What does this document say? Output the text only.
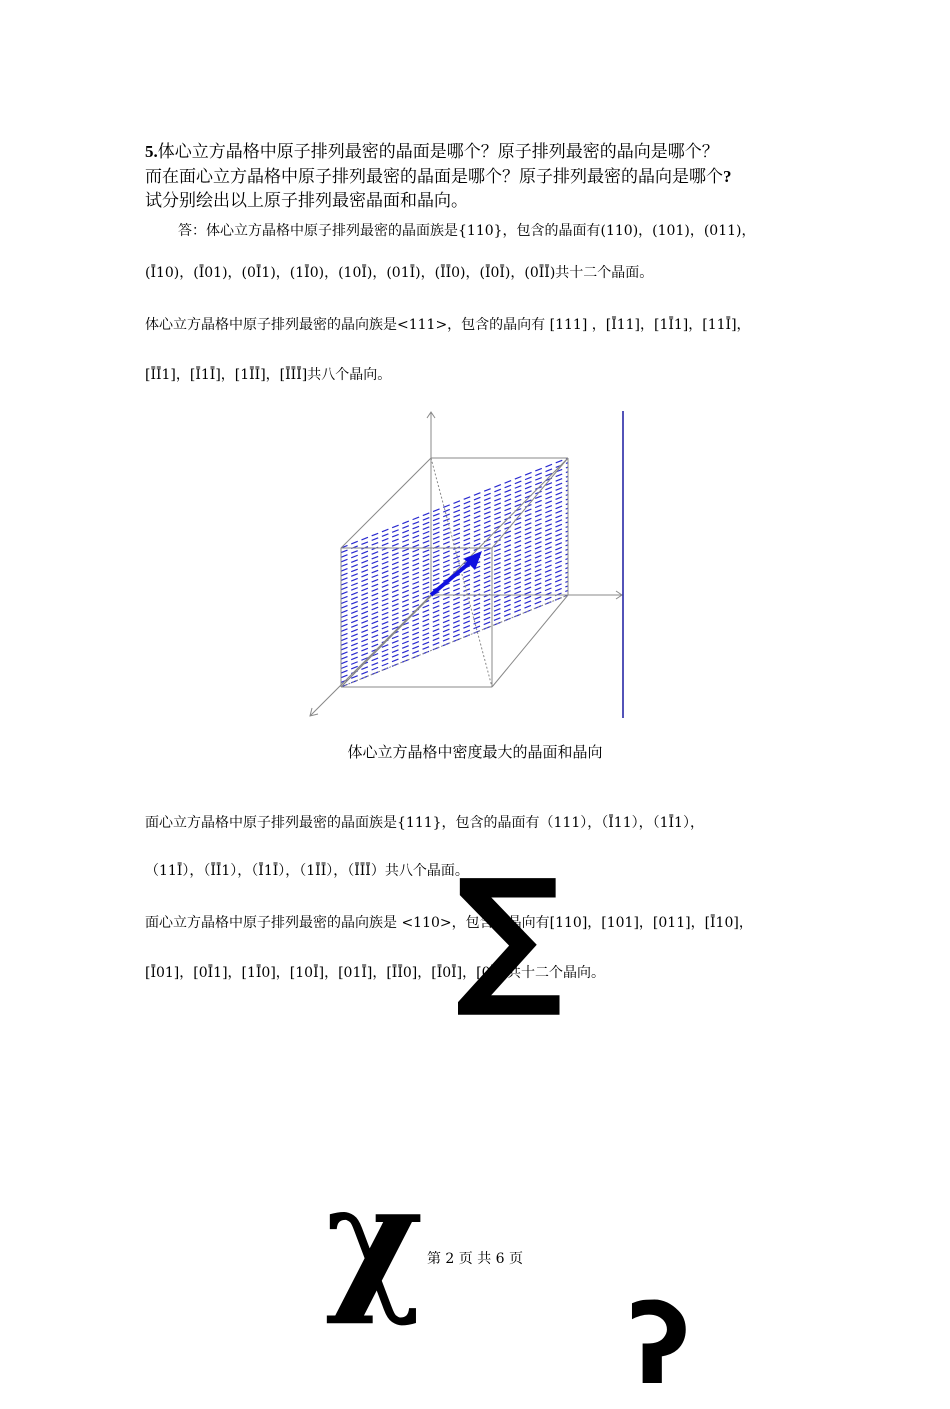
5.体心立方晶格中原子排列最密的晶面是哪个？原子排列最密的晶向是哪个？
而在面心立方晶格中原子排列最密的晶面是哪个？原子排列最密的晶向是哪个?
试分别绘出以上原子排列最密晶面和晶向。
答：体心立方晶格中原子排列最密的晶面族是{110}，包含的晶面有(110)，(101)，(011)，
(Ī10)，(Ī01)，(0Ī1)，(1Ī0)，(10Ī)，(01Ī)，(ĪĪ0)，(Ī0Ī)，(0ĪĪ)共十二个晶面。
体心立方晶格中原子排列最密的晶向族是<111>，包含的晶向有 [111] ，[Ī11]，[1Ī1]，[11Ī]，
[ĪĪ1]，[Ī1Ī]，[1ĪĪ]，[ĪĪĪ]共八个晶向。
体心立方晶格中密度最大的晶面和晶向
面心立方晶格中原子排列最密的晶面族是{111}，包含的晶面有（111），（Ī11），（1Ī1），
（11Ī），（ĪĪ1），（Ī1Ī），（1ĪĪ），（ĪĪĪ）共八个晶面。
面心立方晶格中原子排列最密的晶向族是 <110>，包含的晶向有[110]，[101]，[011]，[Ī10]，
[Ī01]，[0Ī1]，[1Ī0]，[10Ī]，[01Ī]，[ĪĪ0]，[Ī0Ī]，[0ĪĪ]共十二个晶向。
∑
χ
ʔ
第 2 页 共 6 页
